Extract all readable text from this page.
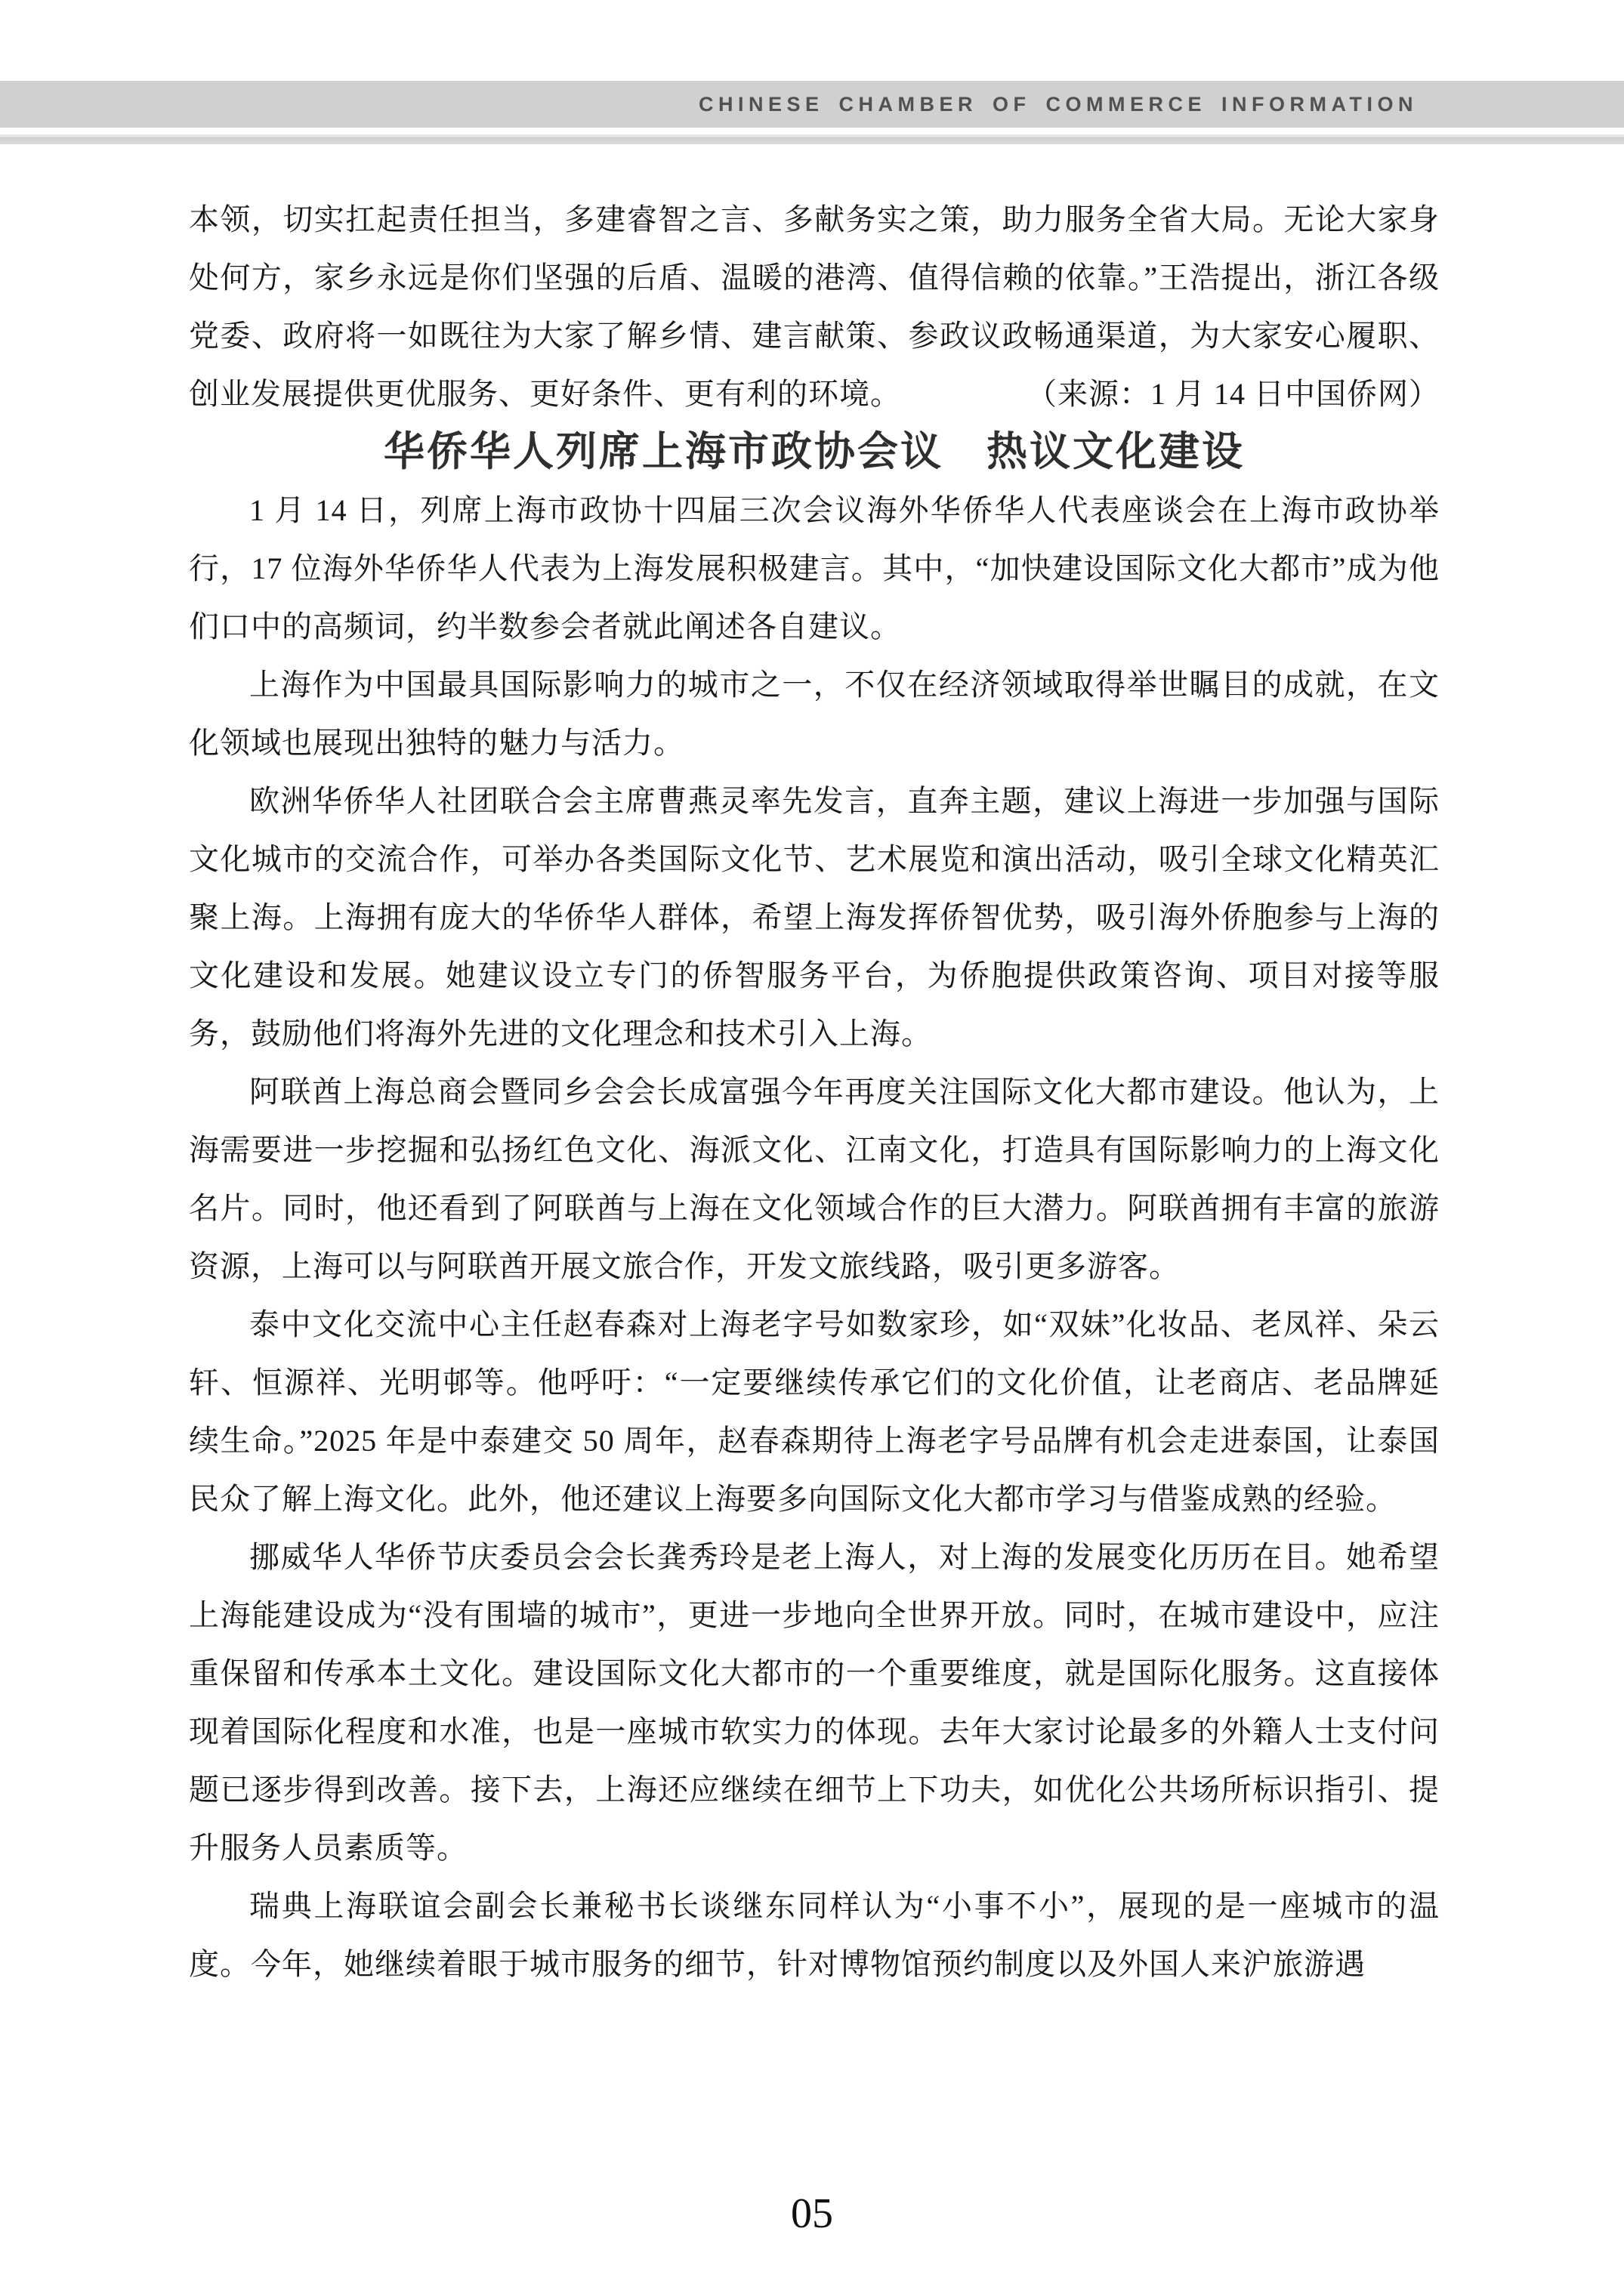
CHINESE CHAMBER OF COMMERCE INFORMATION

本领，切实扛起责任担当，多建睿智之言、多献务实之策，助力服务全省大局。无论大家身处何方，家乡永远是你们坚强的后盾、温暖的港湾、值得信赖的依靠。”王浩提出，浙江各级党委、政府将一如既往为大家了解乡情、建言献策、参政议政畅通渠道，为大家安心履职、创业发展提供更优服务、更好条件、更有利的环境。	（来源：1 月 14 日中国侨网）

华侨华人列席上海市政协会议　热议文化建设

1 月 14 日，列席上海市政协十四届三次会议海外华侨华人代表座谈会在上海市政协举行，17 位海外华侨华人代表为上海发展积极建言。其中，“加快建设国际文化大都市”成为他们口中的高频词，约半数参会者就此阐述各自建议。

上海作为中国最具国际影响力的城市之一，不仅在经济领域取得举世瞩目的成就，在文化领域也展现出独特的魅力与活力。

欧洲华侨华人社团联合会主席曹燕灵率先发言，直奔主题，建议上海进一步加强与国际文化城市的交流合作，可举办各类国际文化节、艺术展览和演出活动，吸引全球文化精英汇聚上海。上海拥有庞大的华侨华人群体，希望上海发挥侨智优势，吸引海外侨胞参与上海的文化建设和发展。她建议设立专门的侨智服务平台，为侨胞提供政策咨询、项目对接等服务，鼓励他们将海外先进的文化理念和技术引入上海。

阿联酋上海总商会暨同乡会会长成富强今年再度关注国际文化大都市建设。他认为，上海需要进一步挖掘和弘扬红色文化、海派文化、江南文化，打造具有国际影响力的上海文化名片。同时，他还看到了阿联酋与上海在文化领域合作的巨大潜力。阿联酋拥有丰富的旅游资源，上海可以与阿联酋开展文旅合作，开发文旅线路，吸引更多游客。

泰中文化交流中心主任赵春森对上海老字号如数家珍，如“双妹”化妆品、老凤祥、朵云轩、恒源祥、光明邨等。他呼吁：“一定要继续传承它们的文化价值，让老商店、老品牌延续生命。”2025 年是中泰建交 50 周年，赵春森期待上海老字号品牌有机会走进泰国，让泰国民众了解上海文化。此外，他还建议上海要多向国际文化大都市学习与借鉴成熟的经验。

挪威华人华侨节庆委员会会长龚秀玲是老上海人，对上海的发展变化历历在目。她希望上海能建设成为“没有围墙的城市”，更进一步地向全世界开放。同时，在城市建设中，应注重保留和传承本土文化。建设国际文化大都市的一个重要维度，就是国际化服务。这直接体现着国际化程度和水准，也是一座城市软实力的体现。去年大家讨论最多的外籍人士支付问题已逐步得到改善。接下去，上海还应继续在细节上下功夫，如优化公共场所标识指引、提升服务人员素质等。

瑞典上海联谊会副会长兼秘书长谈继东同样认为“小事不小”，展现的是一座城市的温度。今年，她继续着眼于城市服务的细节，针对博物馆预约制度以及外国人来沪旅游遇

05
